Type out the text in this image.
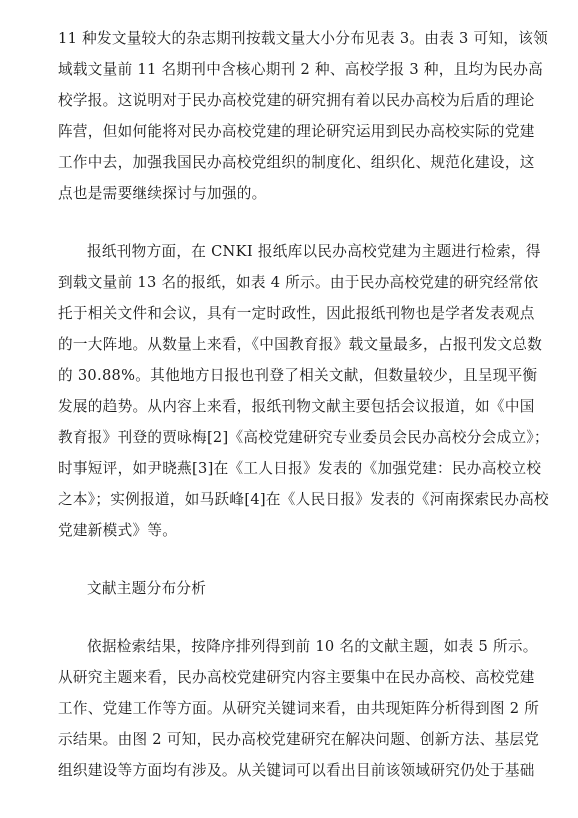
11 种发文量较大的杂志期刊按载文量大小分布见表 3。由表 3 可知，该领
域载文量前 11 名期刊中含核心期刊 2 种、高校学报 3 种，且均为民办高
校学报。这说明对于民办高校党建的研究拥有着以民办高校为后盾的理论
阵营，但如何能将对民办高校党建的理论研究运用到民办高校实际的党建
工作中去，加强我国民办高校党组织的制度化、组织化、规范化建设，这
点也是需要继续探讨与加强的。
报纸刊物方面，在 CNKI 报纸库以民办高校党建为主题进行检索，得
到载文量前 13 名的报纸，如表 4 所示。由于民办高校党建的研究经常依
托于相关文件和会议，具有一定时政性，因此报纸刊物也是学者发表观点
的一大阵地。从数量上来看，《中国教育报》载文量最多，占报刊发文总数
的 30.88%。其他地方日报也刊登了相关文献，但数量较少，且呈现平衡
发展的趋势。从内容上来看，报纸刊物文献主要包括会议报道，如《中国
教育报》刊登的贾咏梅[2]《高校党建研究专业委员会民办高校分会成立》；
时事短评，如尹晓燕[3]在《工人日报》发表的《加强党建：民办高校立校
之本》；实例报道，如马跃峰[4]在《人民日报》发表的《河南探索民办高校
党建新模式》等。
文献主题分布分析
依据检索结果，按降序排列得到前 10 名的文献主题，如表 5 所示。
从研究主题来看，民办高校党建研究内容主要集中在民办高校、高校党建
工作、党建工作等方面。从研究关键词来看，由共现矩阵分析得到图 2 所
示结果。由图 2 可知，民办高校党建研究在解决问题、创新方法、基层党
组织建设等方面均有涉及。从关键词可以看出目前该领域研究仍处于基础
